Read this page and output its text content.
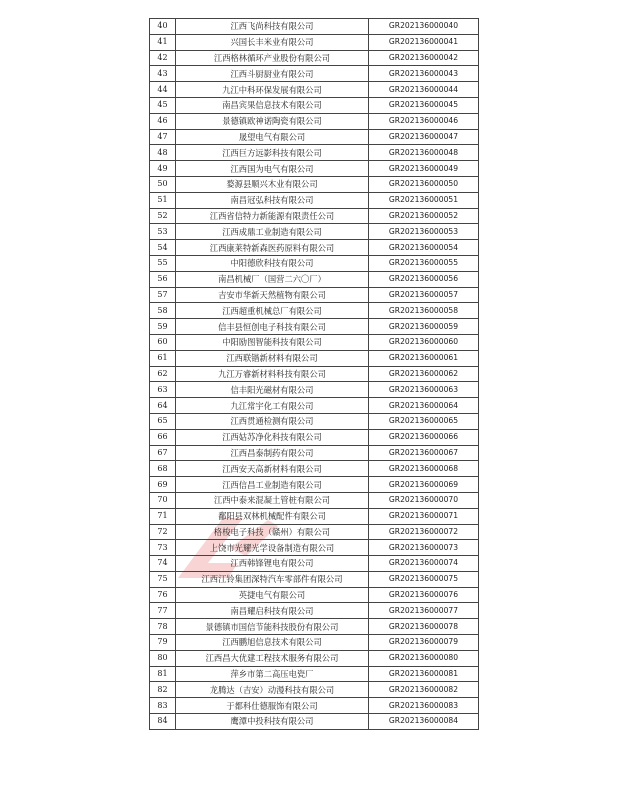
40	江西飞尚科技有限公司	GR202136000040
41	兴国长丰米业有限公司	GR202136000041
42	江西格林循环产业股份有限公司	GR202136000042
43	江西斗厨厨业有限公司	GR202136000043
44	九江中科环保发展有限公司	GR202136000044
45	南昌宾果信息技术有限公司	GR202136000045
46	景德镇欧神诺陶瓷有限公司	GR202136000046
47	晟望电气有限公司	GR202136000047
48	江西巨方远影科技有限公司	GR202136000048
49	江西国为电气有限公司	GR202136000049
50	婺源县顺兴木业有限公司	GR202136000050
51	南昌冠弘科技有限公司	GR202136000051
52	江西省信特力新能源有限责任公司	GR202136000052
53	江西成鼎工业制造有限公司	GR202136000053
54	江西康莱特新森医药原料有限公司	GR202136000054
55	中阳德欣科技有限公司	GR202136000055
56	南昌机械厂（国营二六〇厂）	GR202136000056
57	吉安市华新天然植物有限公司	GR202136000057
58	江西超重机械总厂有限公司	GR202136000058
59	信丰县恒创电子科技有限公司	GR202136000059
60	中阳励图智能科技有限公司	GR202136000060
61	江西联锴新材料有限公司	GR202136000061
62	九江万睿新材料科技有限公司	GR202136000062
63	信丰阳光磁材有限公司	GR202136000063
64	九江常宇化工有限公司	GR202136000064
65	江西贯通检测有限公司	GR202136000065
66	江西姑苏净化科技有限公司	GR202136000066
67	江西昌泰制药有限公司	GR202136000067
68	江西安天高新材料有限公司	GR202136000068
69	江西信昌工业制造有限公司	GR202136000069
70	江西中泰来混凝土管桩有限公司	GR202136000070
71	鄱阳县双林机械配件有限公司	GR202136000071
72	格梭电子科技（赣州）有限公司	GR202136000072
73	上饶市光耀光学设备制造有限公司	GR202136000073
74	江西韩锋锂电有限公司	GR202136000074
75	江西江铃集团深特汽车零部件有限公司	GR202136000075
76	英捷电气有限公司	GR202136000076
77	南昌耀启科技有限公司	GR202136000077
78	景德镇市国信节能科技股份有限公司	GR202136000078
79	江西鹏旭信息技术有限公司	GR202136000079
80	江西昌大优建工程技术服务有限公司	GR202136000080
81	萍乡市第二高压电瓷厂	GR202136000081
82	龙腾达（吉安）动漫科技有限公司	GR202136000082
83	于都科仕德服饰有限公司	GR202136000083
84	鹰潭中投科技有限公司	GR202136000084
